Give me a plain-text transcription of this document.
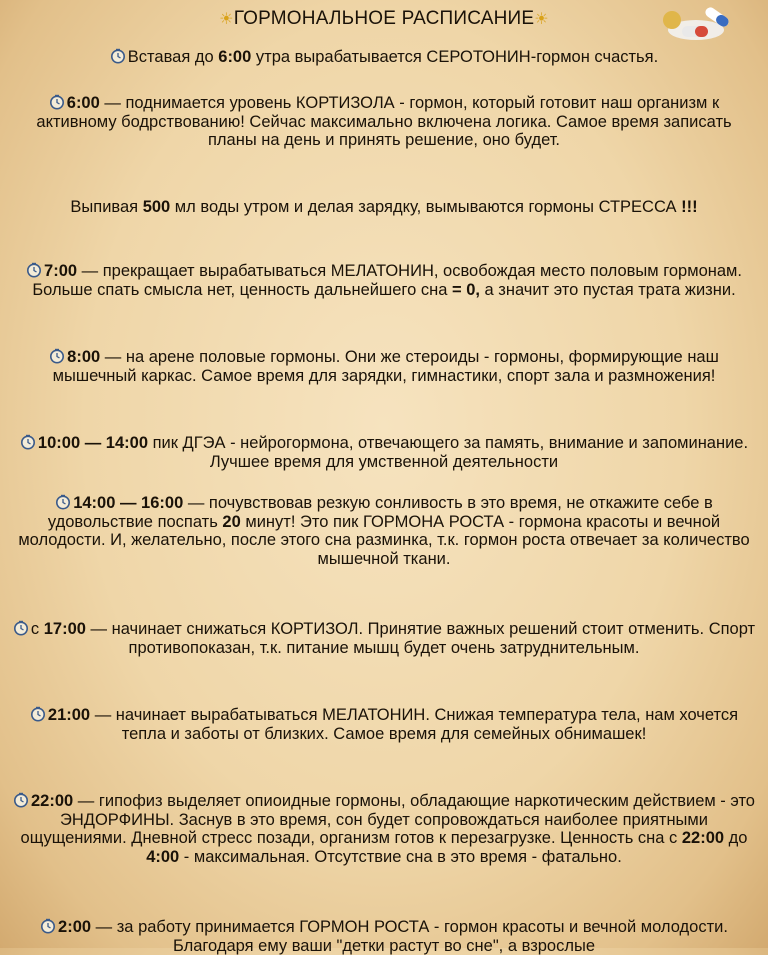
☀ГОРМОНАЛЬНОЕ РАСПИСАНИЕ☀
Вставая до 6:00 утра вырабатывается СЕРОТОНИН-гормон счастья.
6:00 — поднимается уровень КОРТИЗОЛА - гормон, который готовит наш организм к активному бодрствованию! Сейчас максимально включена логика. Самое время записать планы на день и принять решение, оно будет.
Выпивая 500 мл воды утром и делая зарядку, вымываются гормоны СТРЕССА !!!
7:00 — прекращает вырабатываться МЕЛАТОНИН, освобождая место половым гормонам. Больше спать смысла нет, ценность дальнейшего сна = 0, а значит это пустая трата жизни.
8:00 — на арене половые гормоны. Они же стероиды - гормоны, формирующие наш мышечный каркас. Самое время для зарядки, гимнастики, спорт зала и размножения!
10:00 — 14:00 пик ДГЭА - нейрогормона, отвечающего за память, внимание и запоминание. Лучшее время для умственной деятельности
14:00 — 16:00 — почувствовав резкую сонливость в это время, не откажите себе в удовольствие поспать 20 минут! Это пик ГОРМОНА РОСТА - гормона красоты и вечной молодости. И, желательно, после этого сна разминка, т.к. гормон роста отвечает за количество мышечной ткани.
с 17:00 — начинает снижаться КОРТИЗОЛ. Принятие важных решений стоит отменить. Спорт противопоказан, т.к. питание мышц будет очень затруднительным.
21:00 — начинает вырабатываться МЕЛАТОНИН. Снижая температура тела, нам хочется тепла и заботы от близких. Самое время для семейных обнимашек!
22:00 — гипофиз выделяет опиоидные гормоны, обладающие наркотическим действием - это ЭНДОРФИНЫ. Заснув в это время, сон будет сопровождаться наиболее приятными ощущениями. Дневной стресс позади, организм готов к перезагрузке. Ценность сна с 22:00 до 4:00 - максимальная. Отсутствие сна в это время - фатально.
2:00 — за работу принимается ГОРМОН РОСТА - гормон красоты и вечной молодости. Благодаря ему ваши "детки растут во сне", а взрослые
